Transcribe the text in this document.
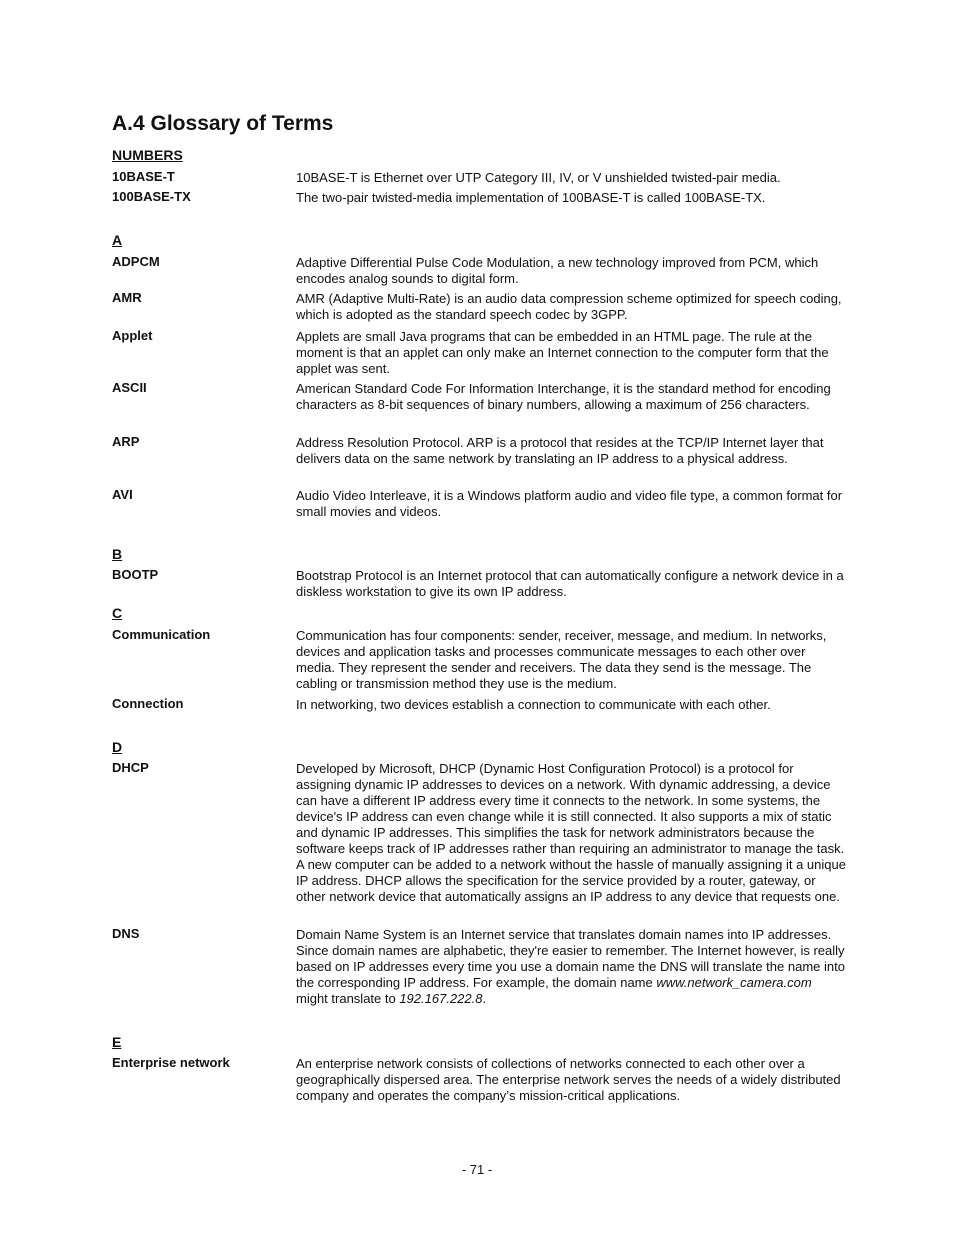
A.4 Glossary of Terms
NUMBERS
10BASE-T	10BASE-T is Ethernet over UTP Category III, IV, or V unshielded twisted-pair media.
100BASE-TX	The two-pair twisted-media implementation of 100BASE-T is called 100BASE-TX.
A
ADPCM	Adaptive Differential Pulse Code Modulation, a new technology improved from PCM, which encodes analog sounds to digital form.
AMR	AMR (Adaptive Multi-Rate) is an audio data compression scheme optimized for speech coding, which is adopted as the standard speech codec by 3GPP.
Applet	Applets are small Java programs that can be embedded in an HTML page. The rule at the moment is that an applet can only make an Internet connection to the computer form that the applet was sent.
ASCII	American Standard Code For Information Interchange, it is the standard method for encoding characters as 8-bit sequences of binary numbers, allowing a maximum of 256 characters.
ARP	Address Resolution Protocol. ARP is a protocol that resides at the TCP/IP Internet layer that delivers data on the same network by translating an IP address to a physical address.
AVI	Audio Video Interleave, it is a Windows platform audio and video file type, a common format for small movies and videos.
B
BOOTP	Bootstrap Protocol is an Internet protocol that can automatically configure a network device in a diskless workstation to give its own IP address.
C
Communication	Communication has four components: sender, receiver, message, and medium. In networks, devices and application tasks and processes communicate messages to each other over media. They represent the sender and receivers. The data they send is the message. The cabling or transmission method they use is the medium.
Connection	In networking, two devices establish a connection to communicate with each other.
D
DHCP	Developed by Microsoft, DHCP (Dynamic Host Configuration Protocol) is a protocol for assigning dynamic IP addresses to devices on a network. With dynamic addressing, a device can have a different IP address every time it connects to the network. In some systems, the device's IP address can even change while it is still connected. It also supports a mix of static and dynamic IP addresses. This simplifies the task for network administrators because the software keeps track of IP addresses rather than requiring an administrator to manage the task. A new computer can be added to a network without the hassle of manually assigning it a unique IP address. DHCP allows the specification for the service provided by a router, gateway, or other network device that automatically assigns an IP address to any device that requests one.
DNS	Domain Name System is an Internet service that translates domain names into IP addresses. Since domain names are alphabetic, they're easier to remember. The Internet however, is really based on IP addresses every time you use a domain name the DNS will translate the name into the corresponding IP address. For example, the domain name www.network_camera.com might translate to 192.167.222.8.
E
Enterprise network	An enterprise network consists of collections of networks connected to each other over a geographically dispersed area. The enterprise network serves the needs of a widely distributed company and operates the company’s mission-critical applications.
- 71 -
